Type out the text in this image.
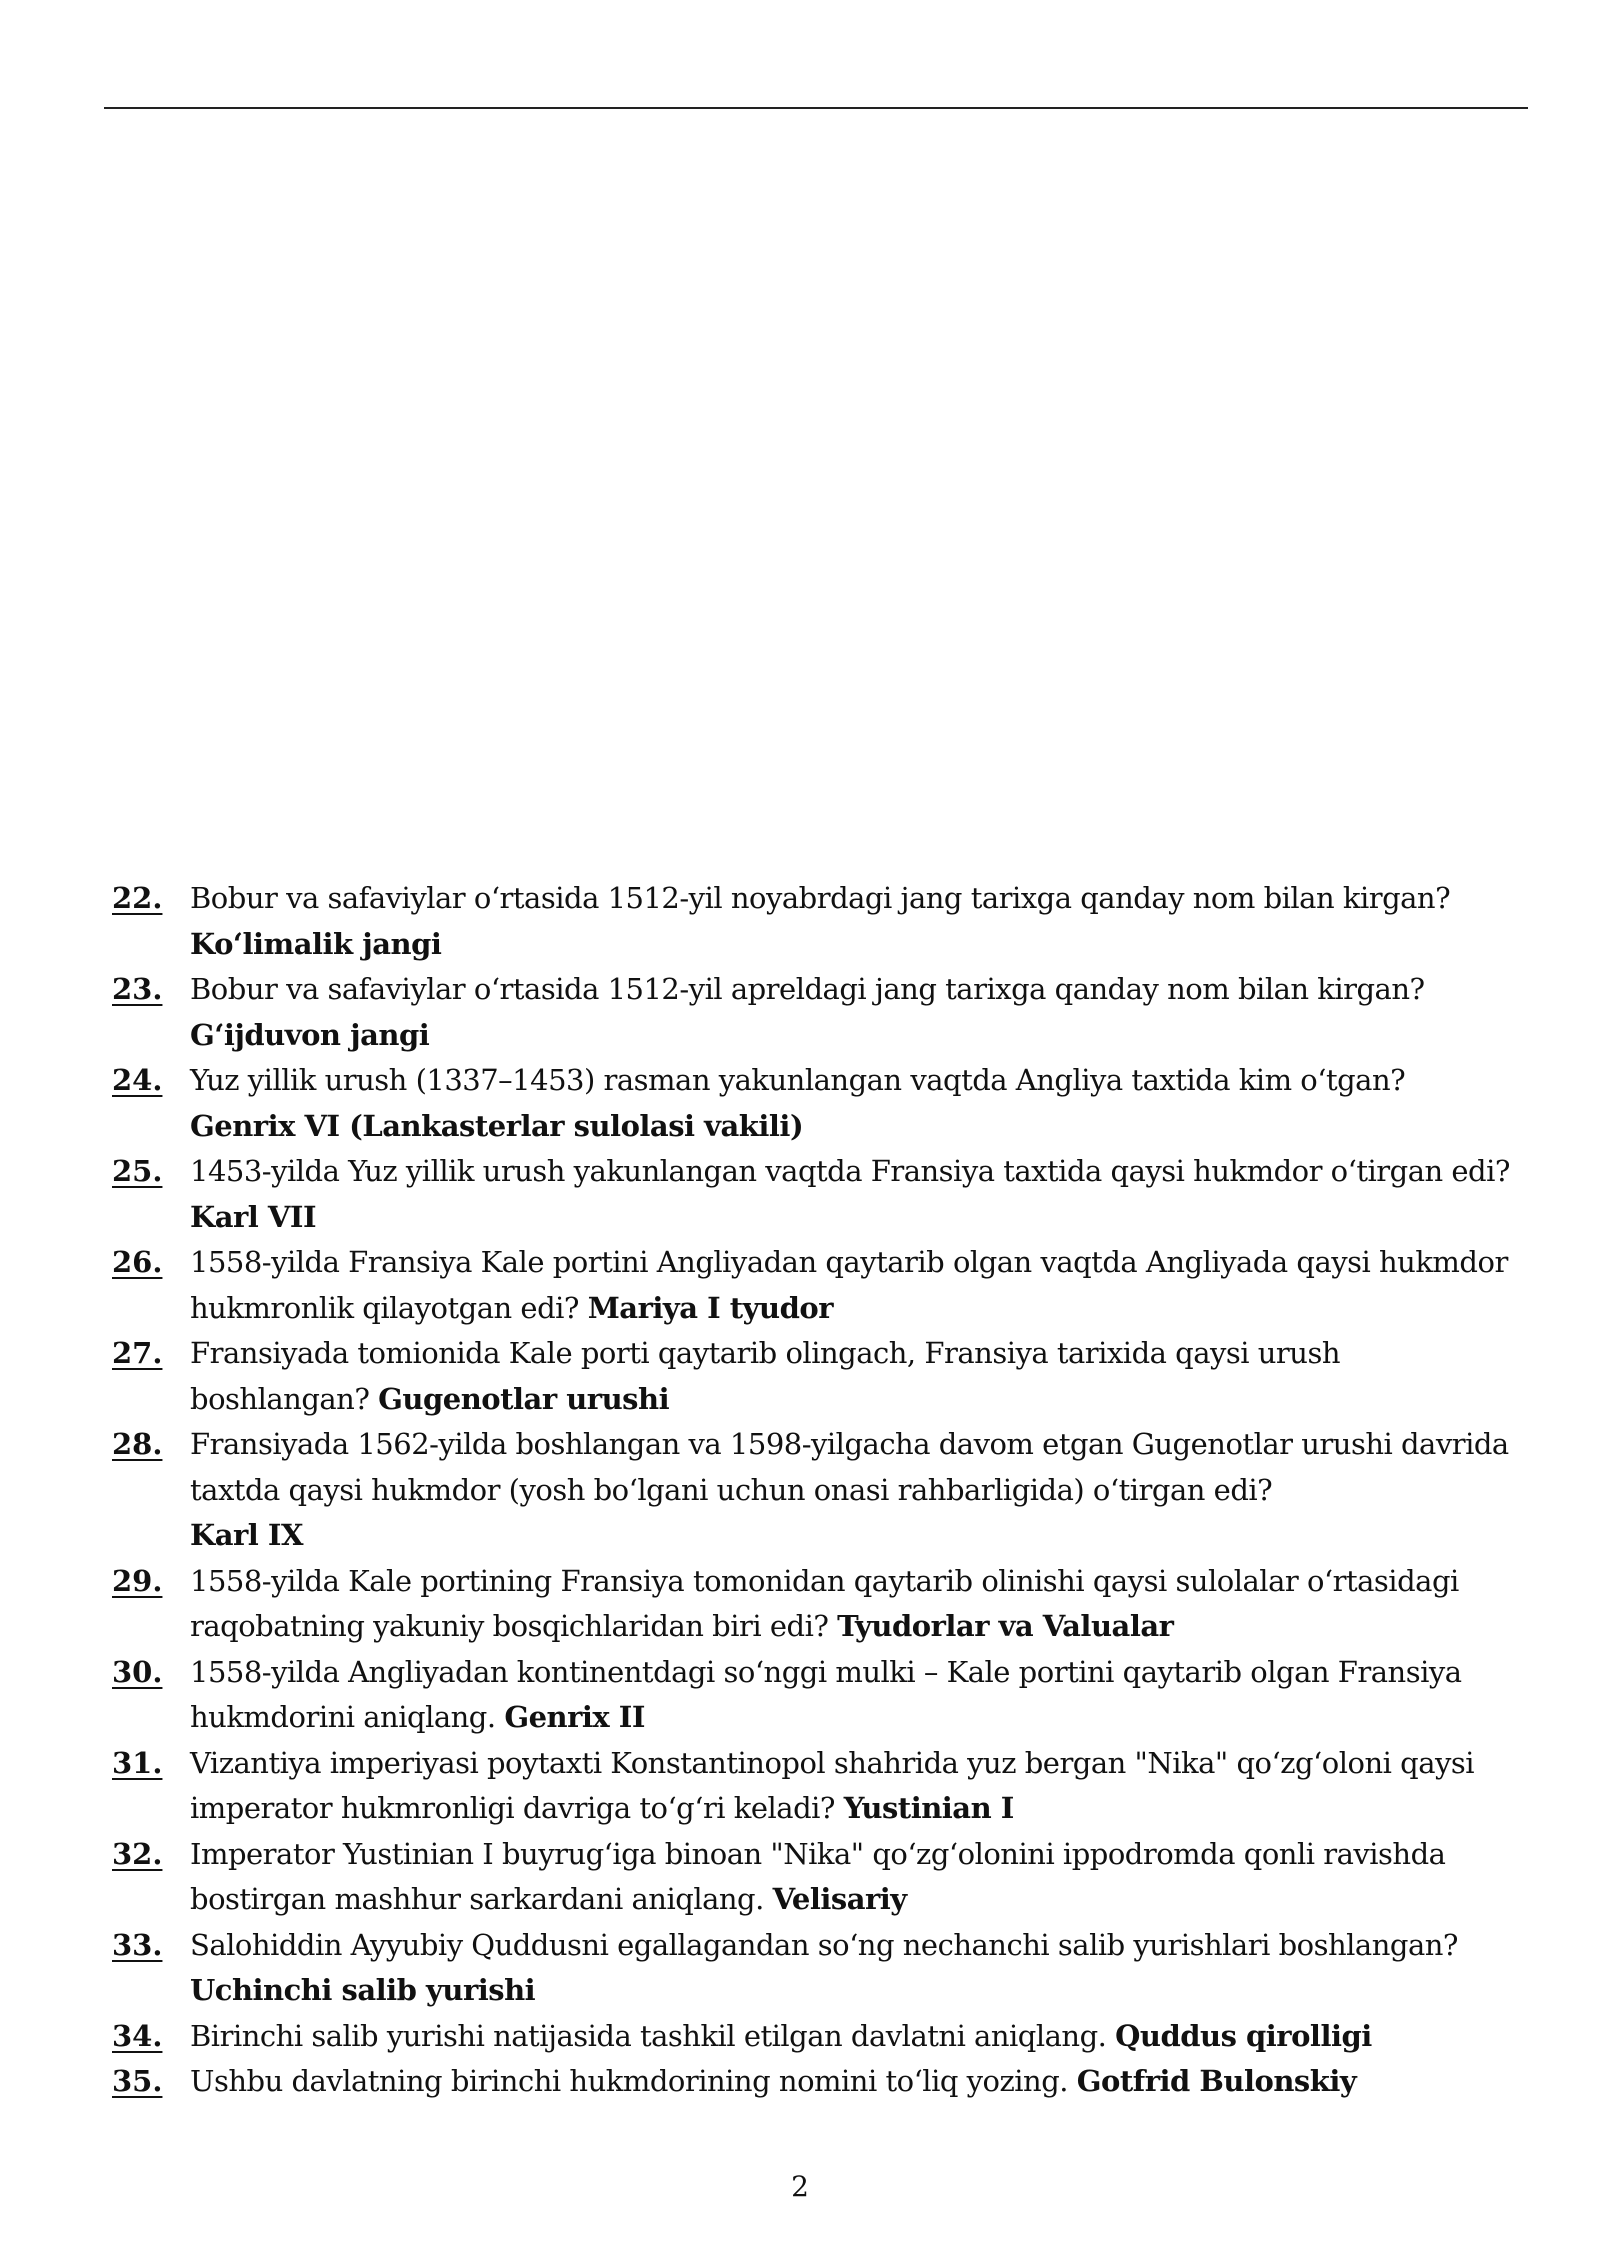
22. Bobur va safaviylar o‘rtasida 1512-yil noyabrdagi jang tarixga qanday nom bilan kirgan?
Ko‘limalik jangi
23. Bobur va safaviylar o‘rtasida 1512-yil apreldagi jang tarixga qanday nom bilan kirgan?
G‘ijduvon jangi
24. Yuz yillik urush (1337–1453) rasman yakunlangan vaqtda Angliya taxtida kim o‘tgan?
Genrix VI (Lankasterlar sulolasi vakili)
25. 1453-yilda Yuz yillik urush yakunlangan vaqtda Fransiya taxtida qaysi hukmdor o‘tirgan edi? Karl VII
26. 1558-yilda Fransiya Kale portini Angliyadan qaytarib olgan vaqtda Angliyada qaysi hukmdor hukmronlik qilayotgan edi? Mariya I tyudor
27. Fransiyada tomionida Kale porti qaytarib olingach, Fransiya tarixida qaysi urush boshlangan? Gugenotlar urushi
28. Fransiyada 1562-yilda boshlangan va 1598-yilgacha davom etgan Gugenotlar urushi davrida taxtda qaysi hukmdor (yosh bo‘lgani uchun onasi rahbarligida) o‘tirgan edi?
Karl IX
29. 1558-yilda Kale portining Fransiya tomonidan qaytarib olinishi qaysi sulolalar o‘rtasidagi raqobatning yakuniy bosqichlaridan biri edi? Tyudorlar va Valualar
30. 1558-yilda Angliyadan kontinentdagi so‘nggi mulki – Kale portini qaytarib olgan Fransiya hukmdorini aniqlang. Genrix II
31. Vizantiya imperiyasi poytaxti Konstantinopol shahrida yuz bergan "Nika" qo‘zg‘oloni qaysi imperator hukmronligi davriga to‘g‘ri keladi? Yustinian I
32. Imperator Yustinian I buyrug‘iga binoan "Nika" qo‘zg‘olonini ippodromda qonli ravishda bostirgan mashhur sarkardani aniqlang. Velisariy
33. Salohiddin Ayyubiy Quddusni egallagandan so‘ng nechanchi salib yurishlari boshlangan?
Uchinchi salib yurishi
34. Birinchi salib yurishi natijasida tashkil etilgan davlatni aniqlang. Quddus qirolligi
35. Ushbu davlatning birinchi hukmdorining nomini to‘liq yozing. Gotfrid Bulonskiy
2
